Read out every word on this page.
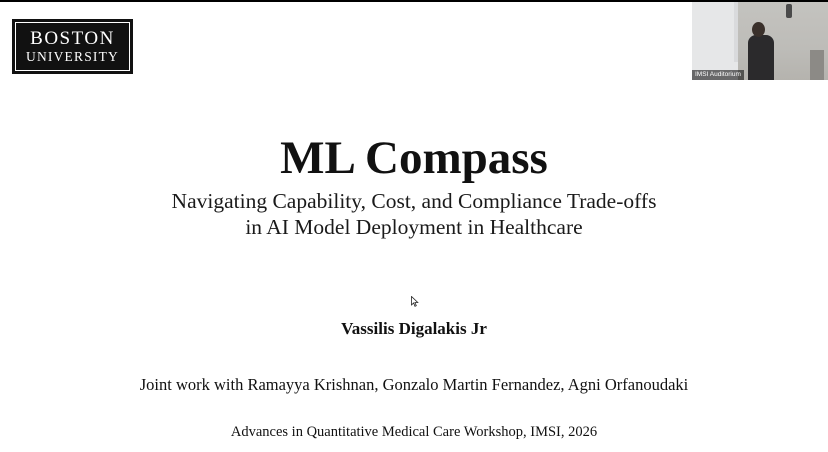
BOSTON
UNIVERSITY
ML Compass
Navigating Capability, Cost, and Compliance Trade-offs
in AI Model Deployment in Healthcare
Vassilis Digalakis Jr
Joint work with Ramayya Krishnan, Gonzalo Martin Fernandez, Agni Orfanoudaki
Advances in Quantitative Medical Care Workshop, IMSI, 2026
IMSI Auditorium
